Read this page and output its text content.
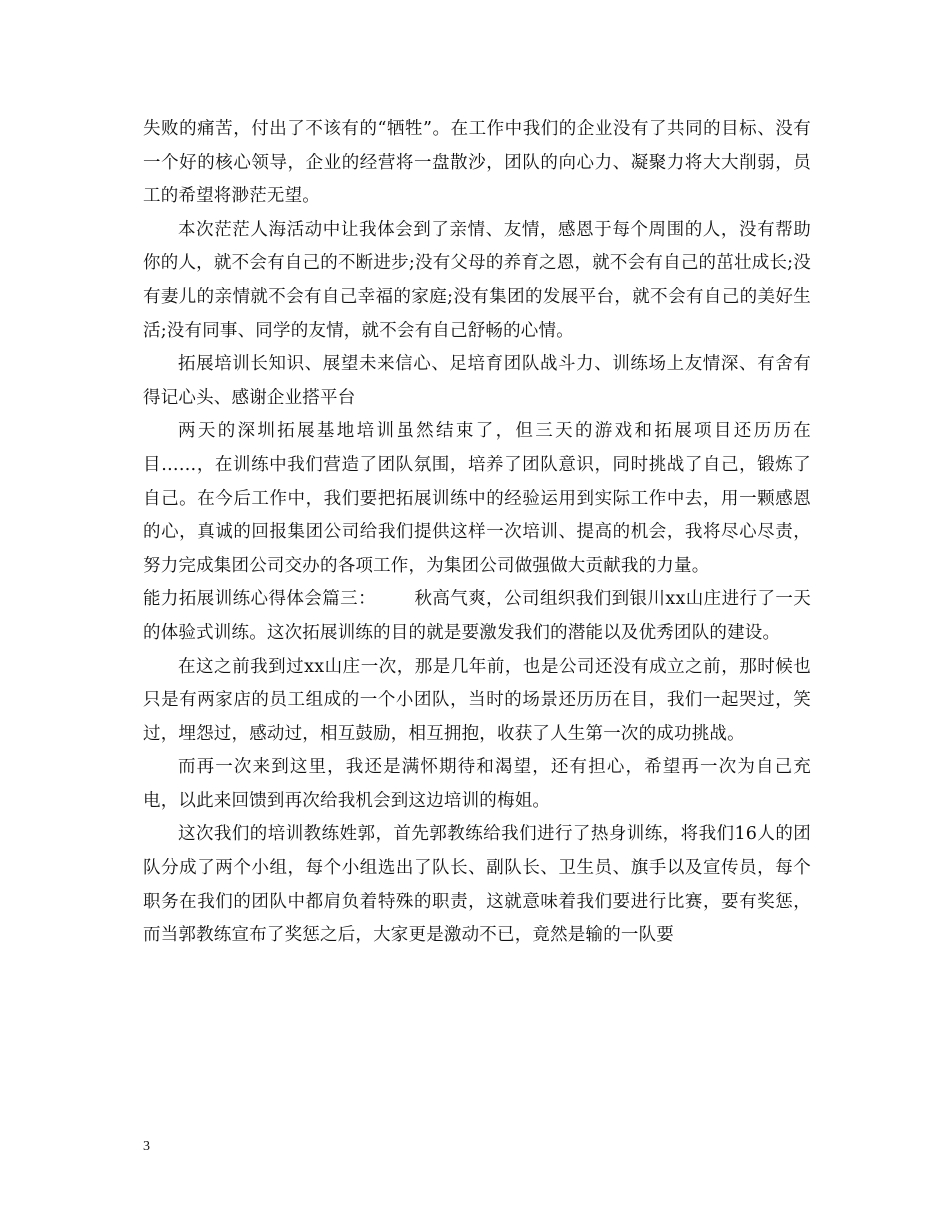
失败的痛苦，付出了不该有的“牺牲”。在工作中我们的企业没有了共同的目标、没有一个好的核心领导，企业的经营将一盘散沙，团队的向心力、凝聚力将大大削弱，员工的希望将渺茫无望。

本次茫茫人海活动中让我体会到了亲情、友情，感恩于每个周围的人，没有帮助你的人，就不会有自己的不断进步;没有父母的养育之恩，就不会有自己的茁壮成长;没有妻儿的亲情就不会有自己幸福的家庭;没有集团的发展平台，就不会有自己的美好生活;没有同事、同学的友情，就不会有自己舒畅的心情。

拓展培训长知识、展望未来信心、足培育团队战斗力、训练场上友情深、有舍有得记心头、感谢企业搭平台

两天的深圳拓展基地培训虽然结束了，但三天的游戏和拓展项目还历历在目……，在训练中我们营造了团队氛围，培养了团队意识，同时挑战了自己，锻炼了自己。在今后工作中，我们要把拓展训练中的经验运用到实际工作中去，用一颗感恩的心，真诚的回报集团公司给我们提供这样一次培训、提高的机会，我将尽心尽责，努力完成集团公司交办的各项工作，为集团公司做强做大贡献我的力量。

能力拓展训练心得体会篇三： 秋高气爽，公司组织我们到银川xx山庄进行了一天的体验式训练。这次拓展训练的目的就是要激发我们的潜能以及优秀团队的建设。

在这之前我到过xx山庄一次，那是几年前，也是公司还没有成立之前，那时候也只是有两家店的员工组成的一个小团队，当时的场景还历历在目，我们一起哭过，笑过，埋怨过，感动过，相互鼓励，相互拥抱，收获了人生第一次的成功挑战。

而再一次来到这里，我还是满怀期待和渴望，还有担心，希望再一次为自己充电，以此来回馈到再次给我机会到这边培训的梅姐。

这次我们的培训教练姓郭，首先郭教练给我们进行了热身训练，将我们16人的团队分成了两个小组，每个小组选出了队长、副队长、卫生员、旗手以及宣传员，每个职务在我们的团队中都肩负着特殊的职责，这就意味着我们要进行比赛，要有奖惩，而当郭教练宣布了奖惩之后，大家更是激动不已，竟然是输的一队要

3
